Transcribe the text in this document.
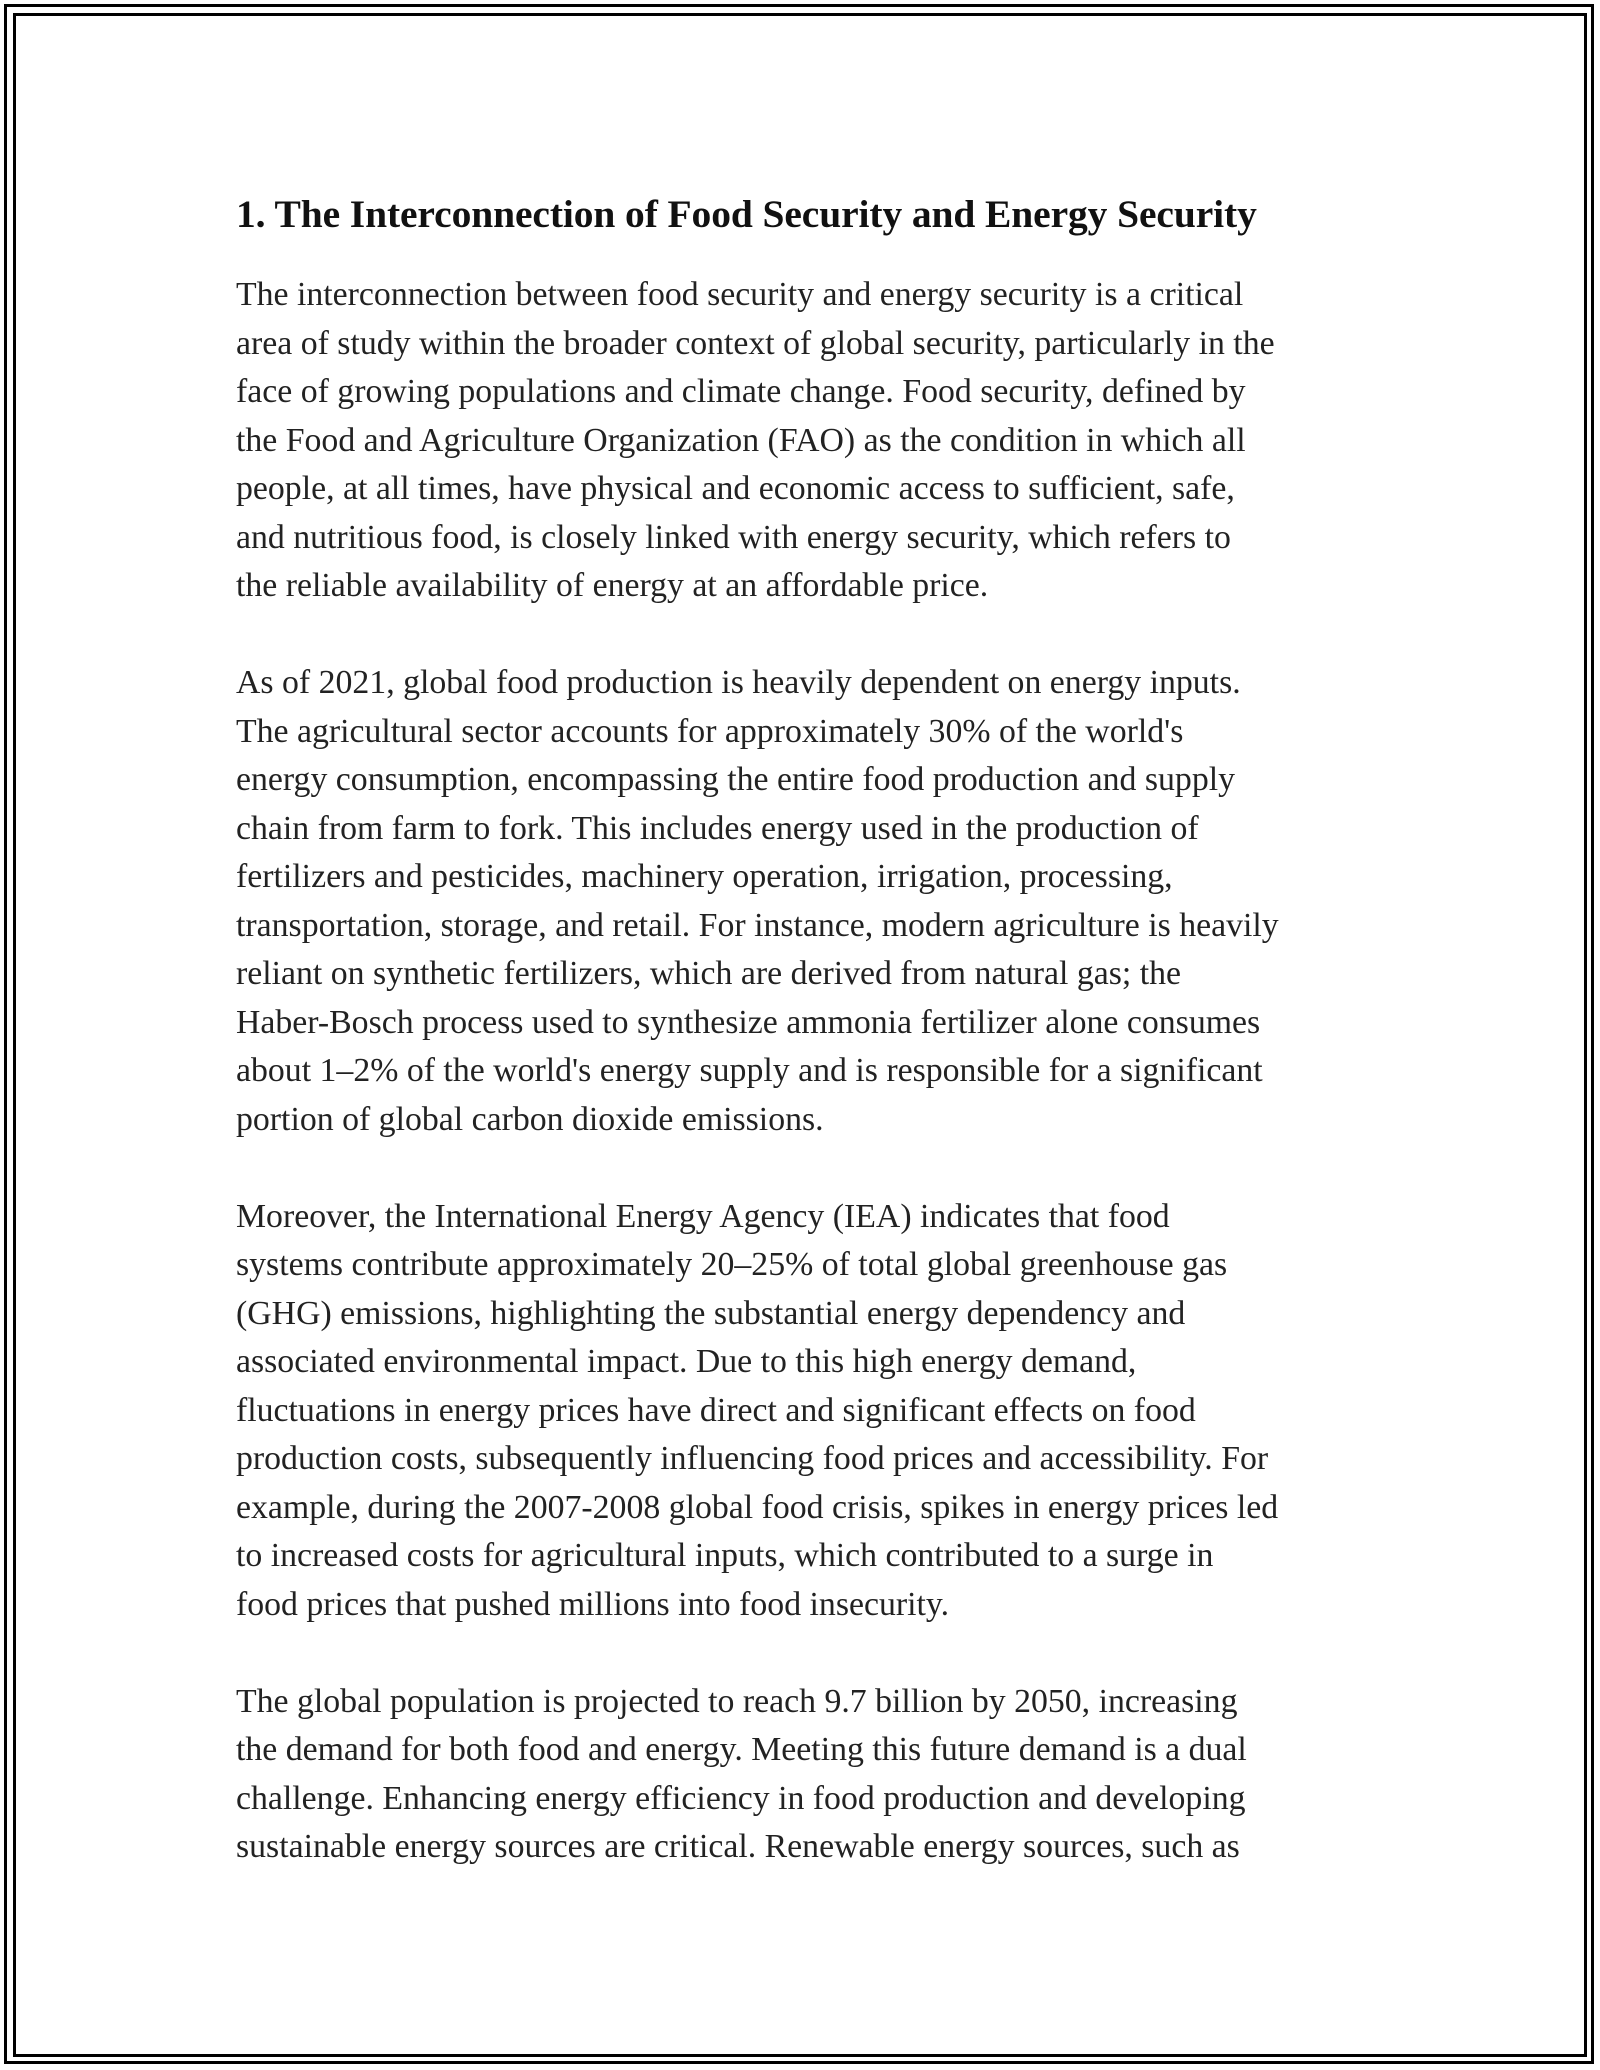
1. The Interconnection of Food Security and Energy Security

The interconnection between food security and energy security is a critical
area of study within the broader context of global security, particularly in the
face of growing populations and climate change. Food security, defined by
the Food and Agriculture Organization (FAO) as the condition in which all
people, at all times, have physical and economic access to sufficient, safe,
and nutritious food, is closely linked with energy security, which refers to
the reliable availability of energy at an affordable price.

As of 2021, global food production is heavily dependent on energy inputs.
The agricultural sector accounts for approximately 30% of the world's
energy consumption, encompassing the entire food production and supply
chain from farm to fork. This includes energy used in the production of
fertilizers and pesticides, machinery operation, irrigation, processing,
transportation, storage, and retail. For instance, modern agriculture is heavily
reliant on synthetic fertilizers, which are derived from natural gas; the
Haber-Bosch process used to synthesize ammonia fertilizer alone consumes
about 1–2% of the world's energy supply and is responsible for a significant
portion of global carbon dioxide emissions.

Moreover, the International Energy Agency (IEA) indicates that food
systems contribute approximately 20–25% of total global greenhouse gas
(GHG) emissions, highlighting the substantial energy dependency and
associated environmental impact. Due to this high energy demand,
fluctuations in energy prices have direct and significant effects on food
production costs, subsequently influencing food prices and accessibility. For
example, during the 2007-2008 global food crisis, spikes in energy prices led
to increased costs for agricultural inputs, which contributed to a surge in
food prices that pushed millions into food insecurity.

The global population is projected to reach 9.7 billion by 2050, increasing
the demand for both food and energy. Meeting this future demand is a dual
challenge. Enhancing energy efficiency in food production and developing
sustainable energy sources are critical. Renewable energy sources, such as
